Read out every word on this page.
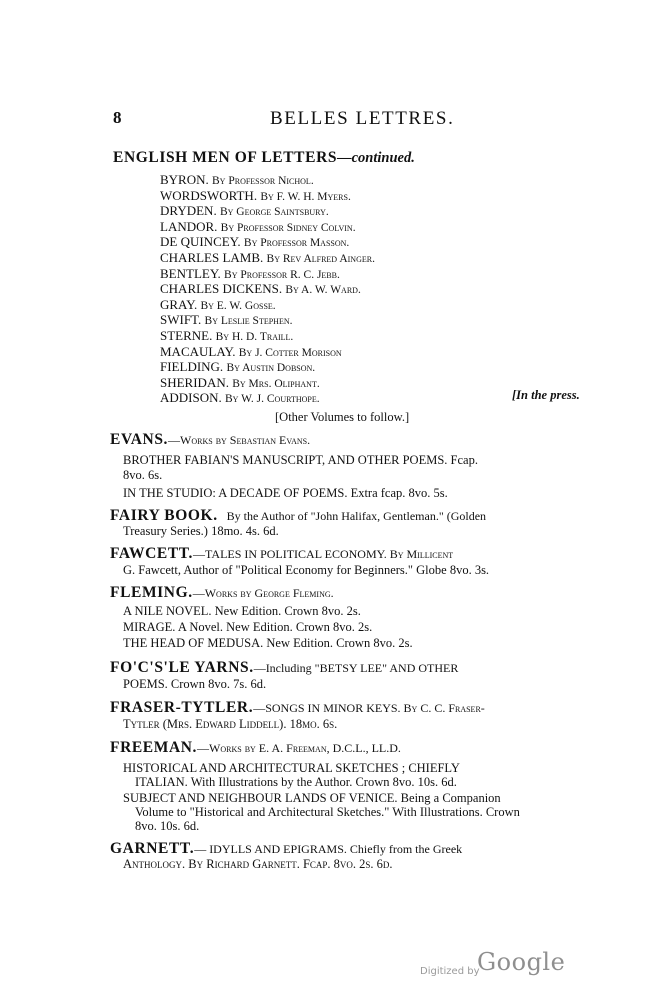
8	BELLES LETTRES.
ENGLISH MEN OF LETTERS—continued.
BYRON. By Professor Nichol.
WORDSWORTH. By F. W. H. Myers.
DRYDEN. By George Saintsbury.
LANDOR. By Professor Sidney Colvin.
DE QUINCEY. By Professor Masson.
CHARLES LAMB. By Rev Alfred Ainger.
BENTLEY. By Professor R. C. Jebb.
CHARLES DICKENS. By A. W. Ward.
GRAY. By E. W. Gosse.
SWIFT. By Leslie Stephen.
STERNE. By H. D. Traill.
MACAULAY. By J. Cotter Morison
FIELDING. By Austin Dobson.
SHERIDAN. By Mrs. Oliphant.
ADDISON. By W. J. Courthope.	[In the press.
[Other Volumes to follow.]
EVANS.—Works by Sebastian Evans.
BROTHER FABIAN'S MANUSCRIPT, AND OTHER POEMS. Fcap.
8vo. 6s.
IN THE STUDIO: A DECADE OF POEMS. Extra fcap. 8vo. 5s.
FAIRY BOOK. By the Author of "John Halifax, Gentleman." (Golden
Treasury Series.) 18mo. 4s. 6d.
FAWCETT.—TALES IN POLITICAL ECONOMY. By Millicent
G. Fawcett, Author of "Political Economy for Beginners." Globe 8vo. 3s.
FLEMING.—Works by George Fleming.
A NILE NOVEL. New Edition. Crown 8vo. 2s.
MIRAGE. A Novel. New Edition. Crown 8vo. 2s.
THE HEAD OF MEDUSA. New Edition. Crown 8vo. 2s.
FO'C'S'LE YARNS.—Including "BETSY LEE" AND OTHER
POEMS. Crown 8vo. 7s. 6d.
FRASER-TYTLER.—SONGS IN MINOR KEYS. By C. C. Fraser-
Tytler (Mrs. Edward Liddell). 18mo. 6s.
FREEMAN.—Works by E. A. Freeman, D.C.L., LL.D.
HISTORICAL AND ARCHITECTURAL SKETCHES ; CHIEFLY
ITALIAN. With Illustrations by the Author. Crown 8vo. 10s. 6d.
SUBJECT AND NEIGHBOUR LANDS OF VENICE. Being a Companion
Volume to "Historical and Architectural Sketches." With Illustrations. Crown
8vo. 10s. 6d.
GARNETT.— IDYLLS AND EPIGRAMS. Chiefly from the Greek
Anthology. By Richard Garnett. Fcap. 8vo. 2s. 6d.
Digitized by
Google
